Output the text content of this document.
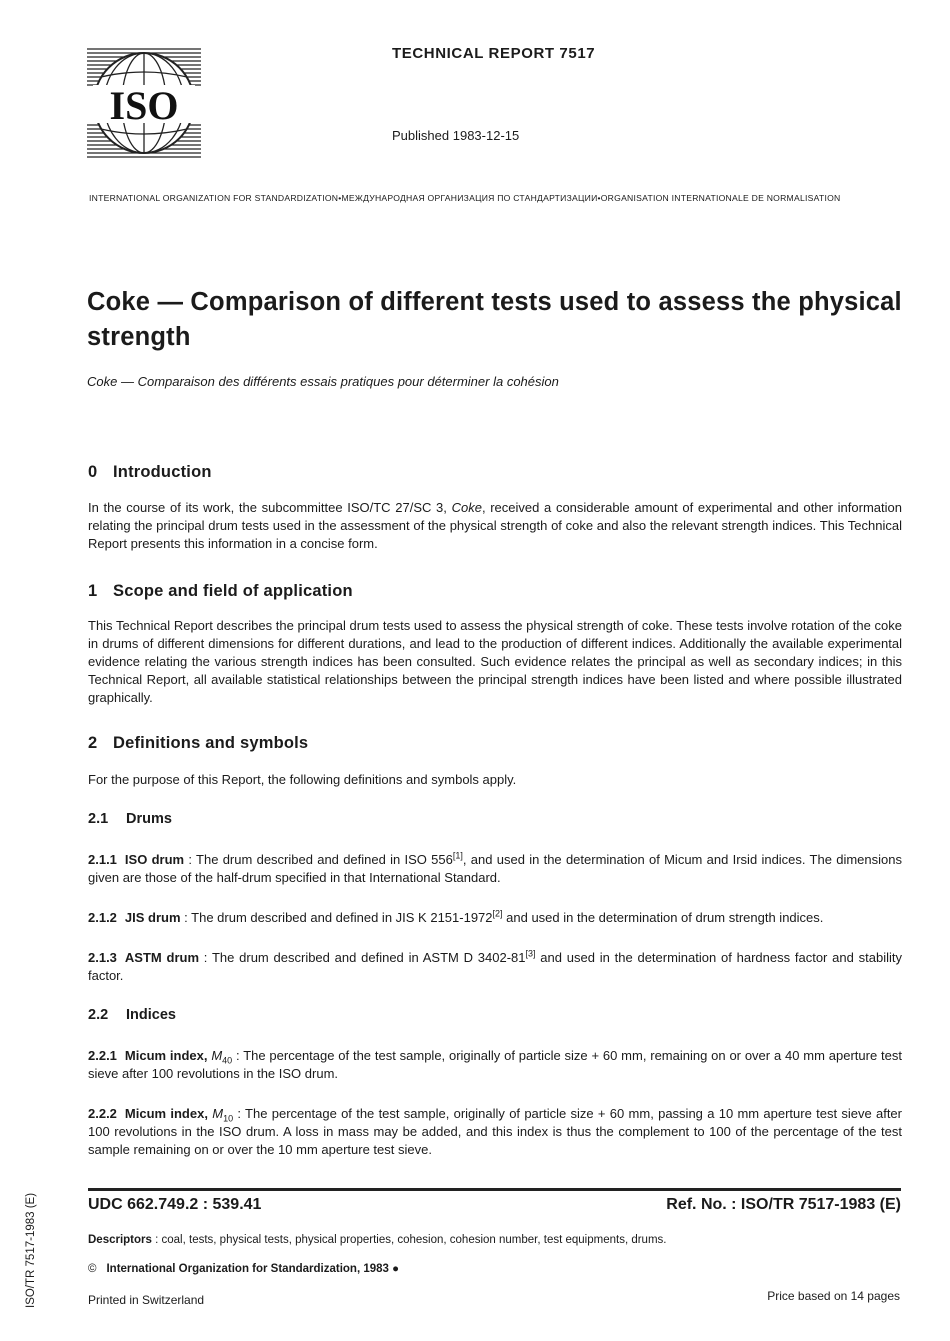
ISO
TECHNICAL REPORT 7517
Published 1983-12-15
INTERNATIONAL ORGANIZATION FOR STANDARDIZATION•МЕЖДУНАРОДНАЯ ОРГАНИЗАЦИЯ ПО СТАНДАРТИЗАЦИИ•ORGANISATION INTERNATIONALE DE NORMALISATION
Coke — Comparison of different tests used to assess the physical strength
Coke — Comparaison des différents essais pratiques pour déterminer la cohésion
0 Introduction

In the course of its work, the subcommittee ISO/TC 27/SC 3, Coke, received a considerable amount of experimental and other information relating the principal drum tests used in the assessment of the physical strength of coke and also the relevant strength indices. This Technical Report presents this information in a concise form.

1 Scope and field of application

This Technical Report describes the principal drum tests used to assess the physical strength of coke. These tests involve rotation of the coke in drums of different dimensions for different durations, and lead to the production of different indices. Additionally the available experimental evidence relating the various strength indices has been consulted. Such evidence relates the principal as well as secondary indices; in this Technical Report, all available statistical relationships between the principal strength indices have been listed and where possible illustrated graphically.

2 Definitions and symbols

For the purpose of this Report, the following definitions and symbols apply.

2.1 Drums

2.1.1 ISO drum : The drum described and defined in ISO 556[1], and used in the determination of Micum and Irsid indices. The dimensions given are those of the half-drum specified in that International Standard.

2.1.2 JIS drum : The drum described and defined in JIS K 2151-1972[2] and used in the determination of drum strength indices.

2.1.3 ASTM drum : The drum described and defined in ASTM D 3402-81[3] and used in the determination of hardness factor and stability factor.

2.2 Indices

2.2.1 Micum index, $M_{40}$ : The percentage of the test sample, originally of particle size + 60 mm, remaining on or over a 40 mm aperture test sieve after 100 revolutions in the ISO drum.

2.2.2 Micum index, $M_{10}$ : The percentage of the test sample, originally of particle size + 60 mm, passing a 10 mm aperture test sieve after 100 revolutions in the ISO drum. A loss in mass may be added, and this index is thus the complement to 100 of the percentage of the test sample remaining on or over the 10 mm aperture test sieve.

UDC 662.749.2 : 539.41	Ref. No. : ISO/TR 7517-1983 (E)
Descriptors : coal, tests, physical tests, physical properties, cohesion, cohesion number, test equipments, drums.
© International Organization for Standardization, 1983 ●
Printed in Switzerland	Price based on 14 pages
ISO/TR 7517-1983 (E)
